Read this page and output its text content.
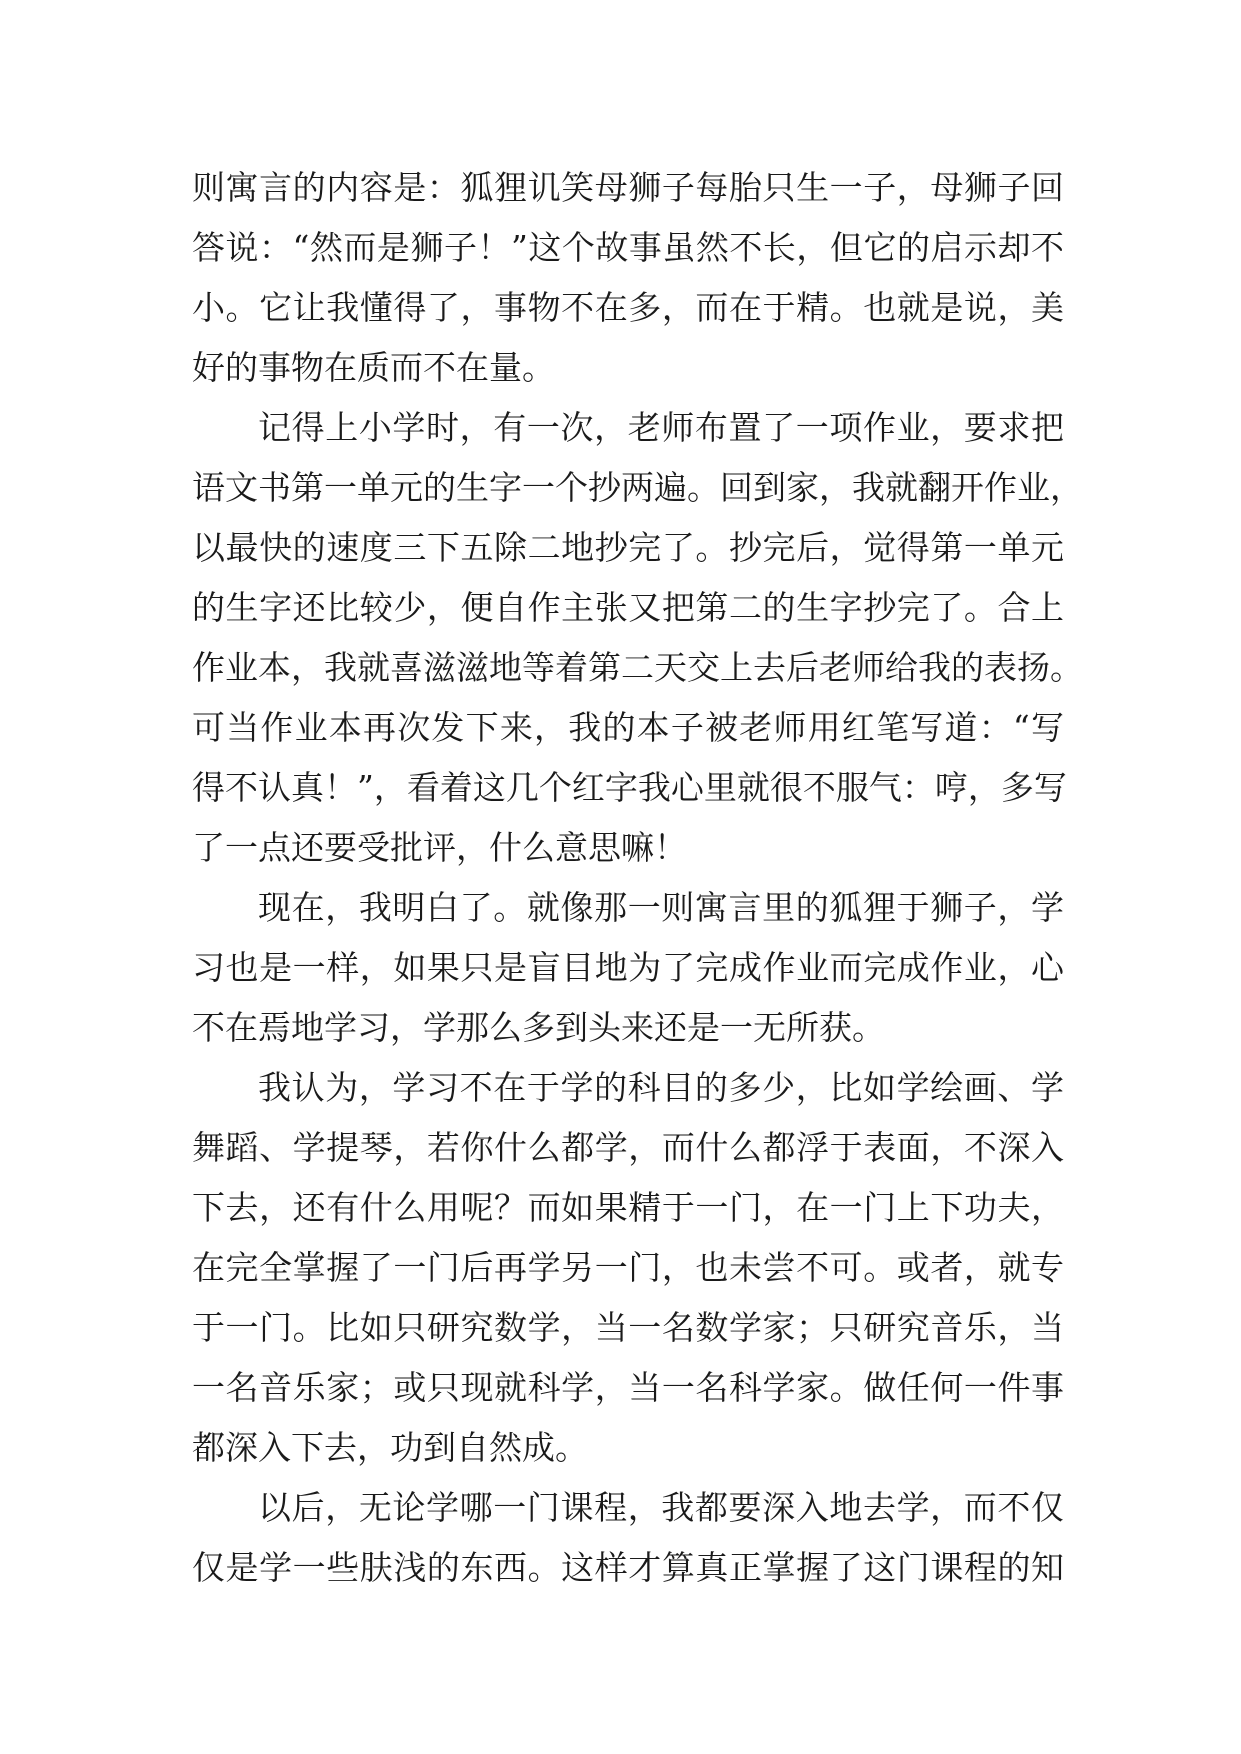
则寓言的内容是：狐狸讥笑母狮子每胎只生一子，母狮子回
答说：“然而是狮子！”这个故事虽然不长，但它的启示却不
小。它让我懂得了，事物不在多，而在于精。也就是说，美
好的事物在质而不在量。
记得上小学时，有一次，老师布置了一项作业，要求把
语文书第一单元的生字一个抄两遍。回到家，我就翻开作业，
以最快的速度三下五除二地抄完了。抄完后，觉得第一单元
的生字还比较少，便自作主张又把第二的生字抄完了。合上
作业本，我就喜滋滋地等着第二天交上去后老师给我的表扬。
可当作业本再次发下来，我的本子被老师用红笔写道：“写
得不认真！”，看着这几个红字我心里就很不服气：哼，多写
了一点还要受批评，什么意思嘛！
现在，我明白了。就像那一则寓言里的狐狸于狮子，学
习也是一样，如果只是盲目地为了完成作业而完成作业，心
不在焉地学习，学那么多到头来还是一无所获。
我认为，学习不在于学的科目的多少，比如学绘画、学
舞蹈、学提琴，若你什么都学，而什么都浮于表面，不深入
下去，还有什么用呢？而如果精于一门，在一门上下功夫，
在完全掌握了一门后再学另一门，也未尝不可。或者，就专
于一门。比如只研究数学，当一名数学家；只研究音乐，当
一名音乐家；或只现就科学，当一名科学家。做任何一件事
都深入下去，功到自然成。
以后，无论学哪一门课程，我都要深入地去学，而不仅
仅是学一些肤浅的东西。这样才算真正掌握了这门课程的知
